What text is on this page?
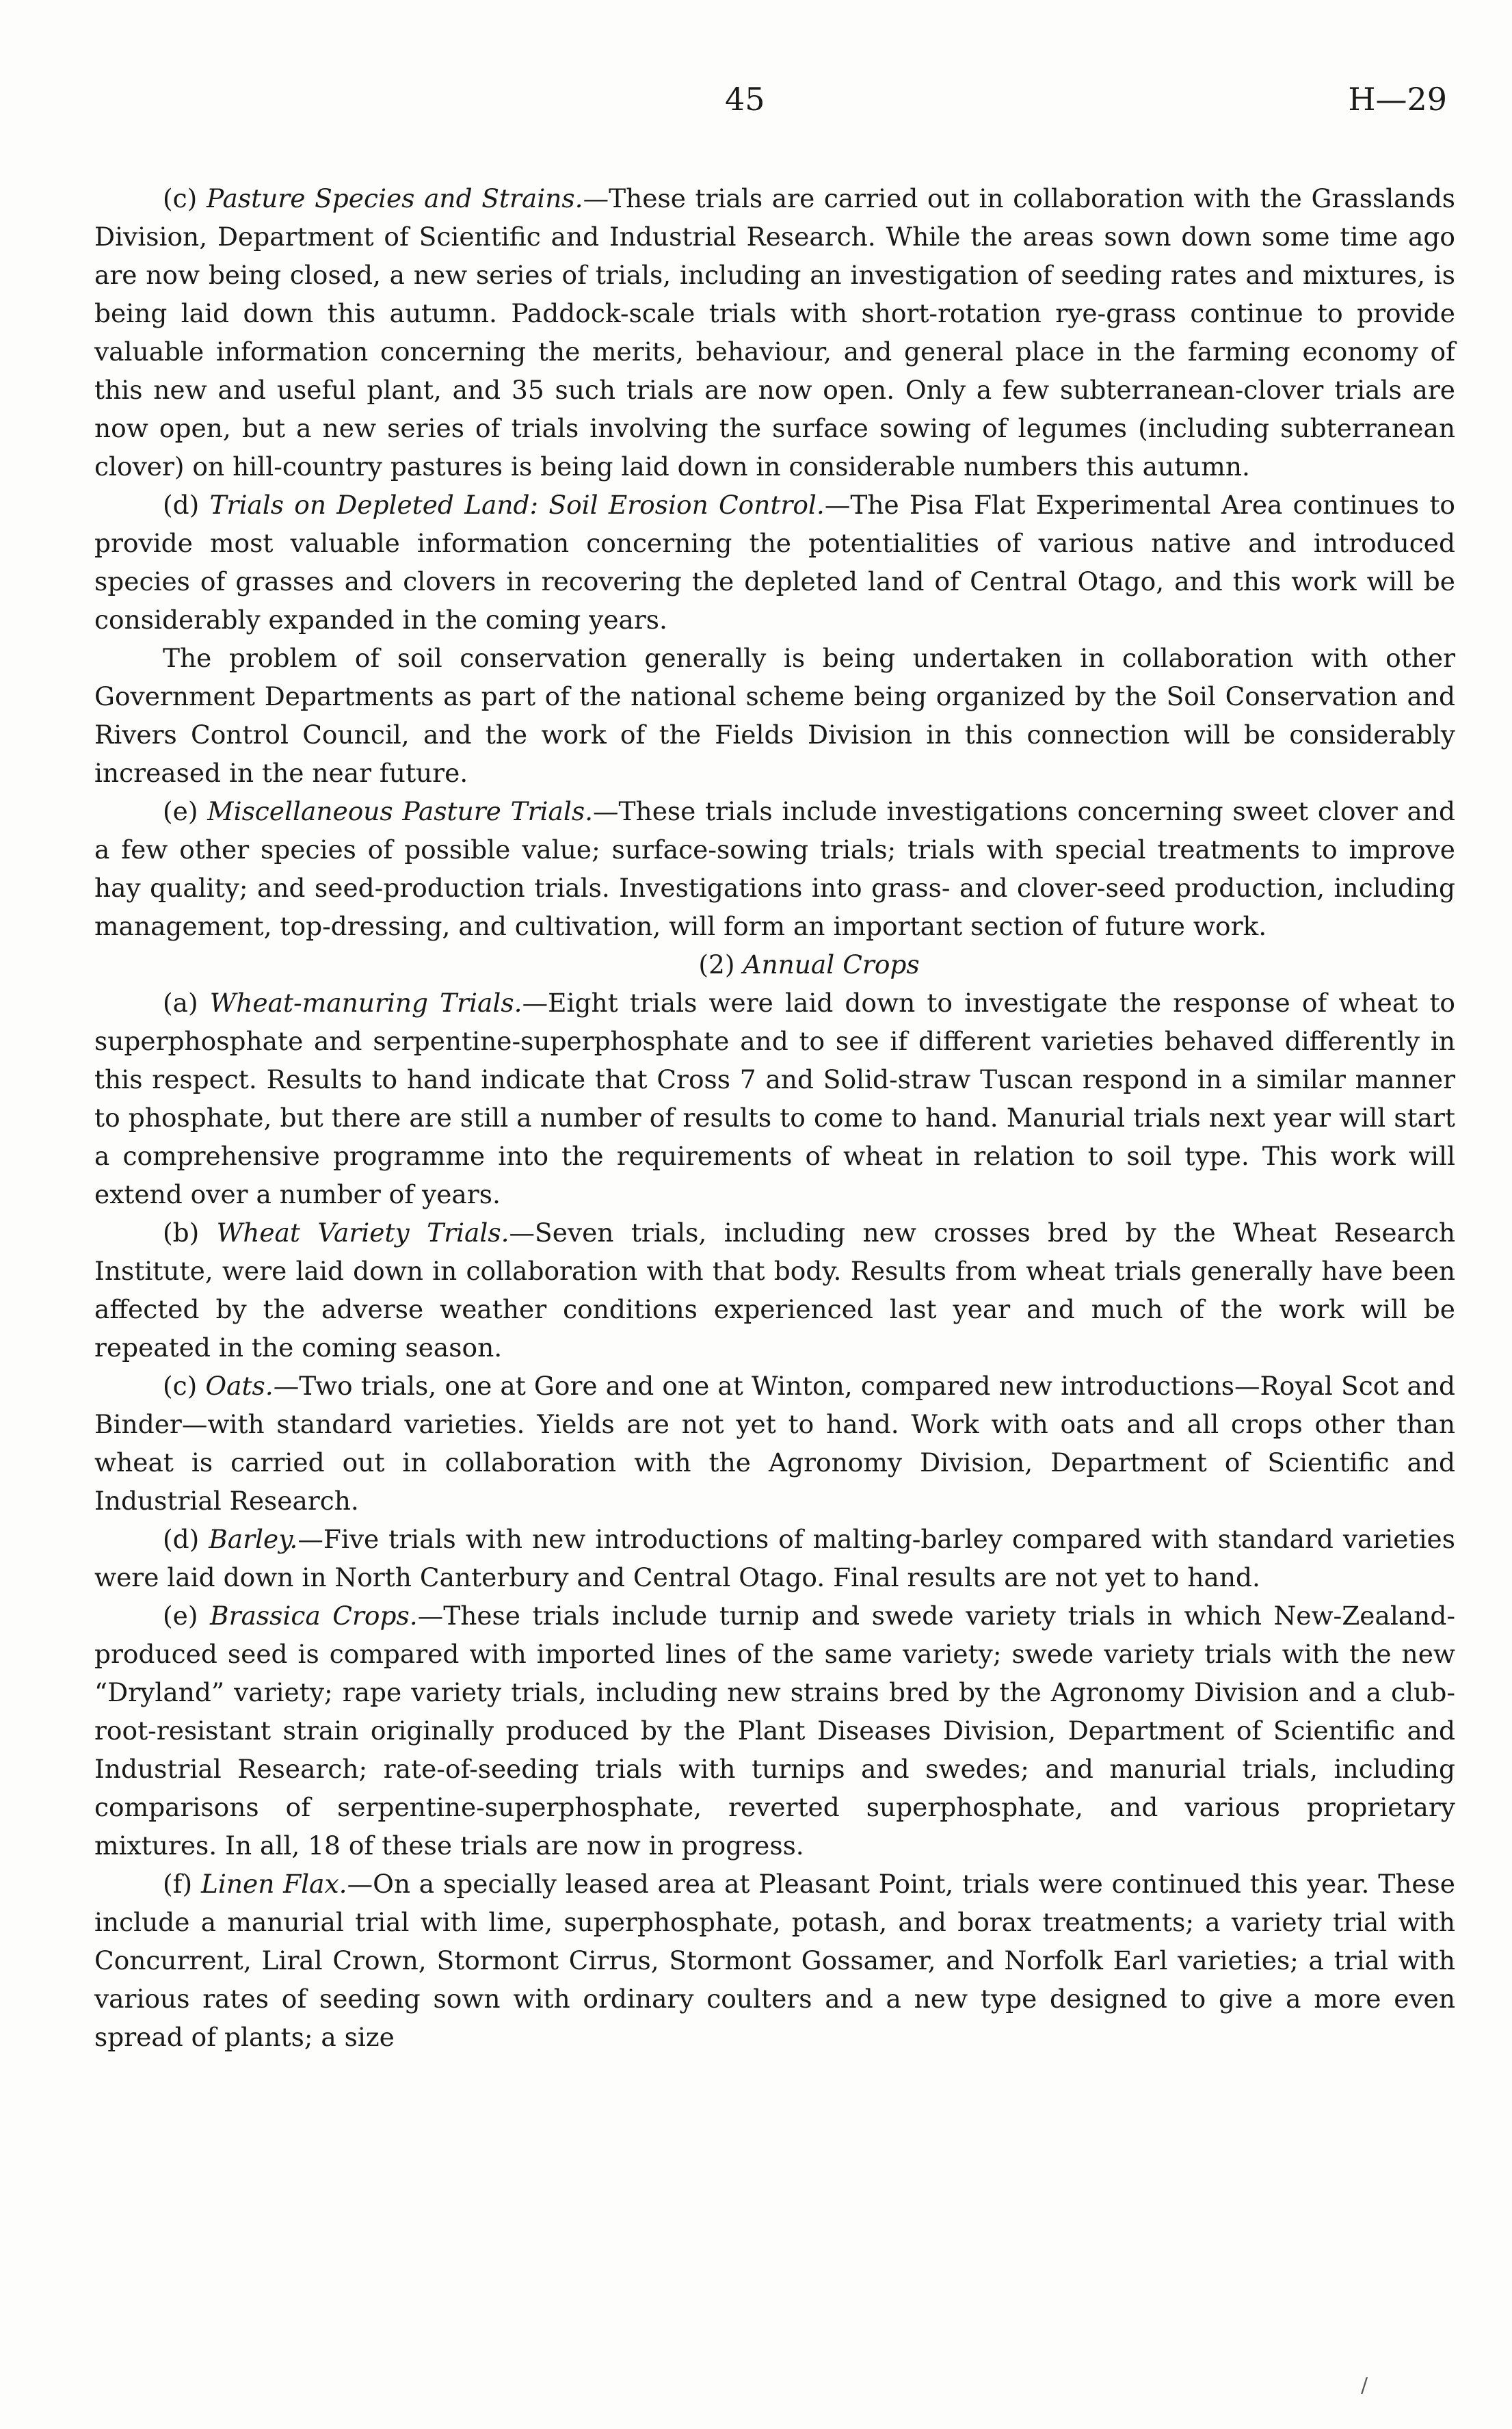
45	H—29

(c) Pasture Species and Strains.—These trials are carried out in collaboration with the Grasslands Division, Department of Scientific and Industrial Research. While the areas sown down some time ago are now being closed, a new series of trials, including an investigation of seeding rates and mixtures, is being laid down this autumn. Paddock-scale trials with short-rotation rye-grass continue to provide valuable information concerning the merits, behaviour, and general place in the farming economy of this new and useful plant, and 35 such trials are now open. Only a few subterranean-clover trials are now open, but a new series of trials involving the surface sowing of legumes (including subterranean clover) on hill-country pastures is being laid down in considerable numbers this autumn.

(d) Trials on Depleted Land: Soil Erosion Control.—The Pisa Flat Experimental Area continues to provide most valuable information concerning the potentialities of various native and introduced species of grasses and clovers in recovering the depleted land of Central Otago, and this work will be considerably expanded in the coming years.

The problem of soil conservation generally is being undertaken in collaboration with other Government Departments as part of the national scheme being organized by the Soil Conservation and Rivers Control Council, and the work of the Fields Division in this connection will be considerably increased in the near future.

(e) Miscellaneous Pasture Trials.—These trials include investigations concerning sweet clover and a few other species of possible value; surface-sowing trials; trials with special treatments to improve hay quality; and seed-production trials. Investigations into grass- and clover-seed production, including management, top-dressing, and cultivation, will form an important section of future work.

(2) Annual Crops

(a) Wheat-manuring Trials.—Eight trials were laid down to investigate the response of wheat to superphosphate and serpentine-superphosphate and to see if different varieties behaved differently in this respect. Results to hand indicate that Cross 7 and Solid-straw Tuscan respond in a similar manner to phosphate, but there are still a number of results to come to hand. Manurial trials next year will start a comprehensive programme into the requirements of wheat in relation to soil type. This work will extend over a number of years.

(b) Wheat Variety Trials.—Seven trials, including new crosses bred by the Wheat Research Institute, were laid down in collaboration with that body. Results from wheat trials generally have been affected by the adverse weather conditions experienced last year and much of the work will be repeated in the coming season.

(c) Oats.—Two trials, one at Gore and one at Winton, compared new introductions—Royal Scot and Binder—with standard varieties. Yields are not yet to hand. Work with oats and all crops other than wheat is carried out in collaboration with the Agronomy Division, Department of Scientific and Industrial Research.

(d) Barley.—Five trials with new introductions of malting-barley compared with standard varieties were laid down in North Canterbury and Central Otago. Final results are not yet to hand.

(e) Brassica Crops.—These trials include turnip and swede variety trials in which New-Zealand-produced seed is compared with imported lines of the same variety; swede variety trials with the new “Dryland” variety; rape variety trials, including new strains bred by the Agronomy Division and a club-root-resistant strain originally produced by the Plant Diseases Division, Department of Scientific and Industrial Research; rate-of-seeding trials with turnips and swedes; and manurial trials, including comparisons of serpentine-superphosphate, reverted superphosphate, and various proprietary mixtures. In all, 18 of these trials are now in progress.

(f) Linen Flax.—On a specially leased area at Pleasant Point, trials were continued this year. These include a manurial trial with lime, superphosphate, potash, and borax treatments; a variety trial with Concurrent, Liral Crown, Stormont Cirrus, Stormont Gossamer, and Norfolk Earl varieties; a trial with various rates of seeding sown with ordinary coulters and a new type designed to give a more even spread of plants; a size

/
